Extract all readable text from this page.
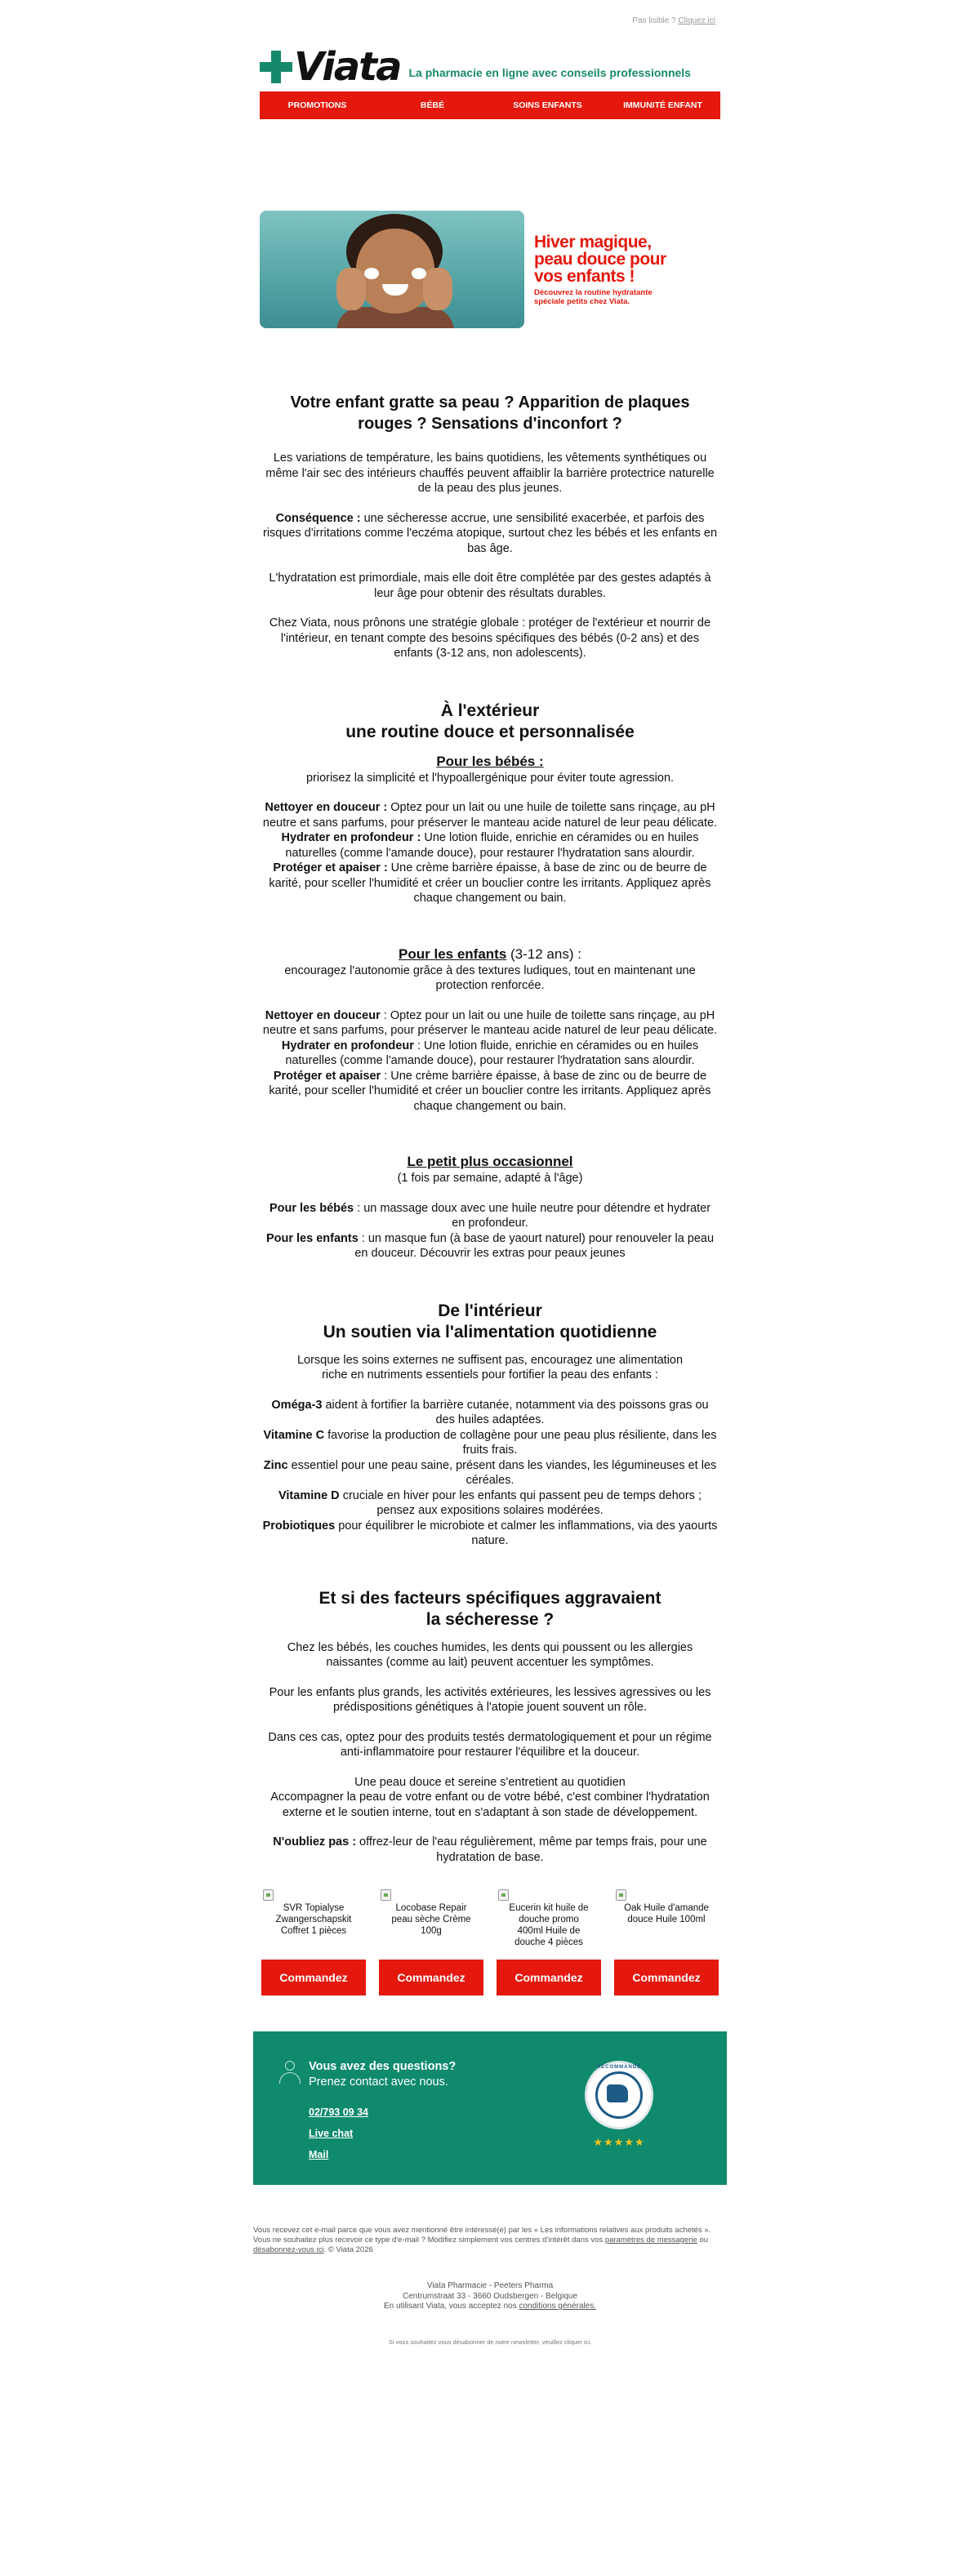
Pas lisible ? Cliquez ici
Viata La pharmacie en ligne avec conseils professionnels
PROMOTIONS	BÉBÉ	SOINS ENFANTS	IMMUNITÉ ENFANT
Hiver magique,
peau douce pour
vos enfants !
Découvrez la routine hydratante
spéciale petits chez Viata.
Votre enfant gratte sa peau ? Apparition de plaques rouges ? Sensations d'inconfort ?
Les variations de température, les bains quotidiens, les vêtements synthétiques ou même l'air sec des intérieurs chauffés peuvent affaiblir la barrière protectrice naturelle de la peau des plus jeunes.
Conséquence : une sécheresse accrue, une sensibilité exacerbée, et parfois des risques d'irritations comme l'eczéma atopique, surtout chez les bébés et les enfants en bas âge.
L'hydratation est primordiale, mais elle doit être complétée par des gestes adaptés à leur âge pour obtenir des résultats durables.
Chez Viata, nous prônons une stratégie globale : protéger de l'extérieur et nourrir de l'intérieur, en tenant compte des besoins spécifiques des bébés (0-2 ans) et des enfants (3-12 ans, non adolescents).
À l'extérieur
une routine douce et personnalisée
Pour les bébés :
priorisez la simplicité et l'hypoallergénique pour éviter toute agression.
Nettoyer en douceur : Optez pour un lait ou une huile de toilette sans rinçage, au pH neutre et sans parfums, pour préserver le manteau acide naturel de leur peau délicate.
Hydrater en profondeur : Une lotion fluide, enrichie en céramides ou en huiles naturelles (comme l'amande douce), pour restaurer l'hydratation sans alourdir.
Protéger et apaiser : Une crème barrière épaisse, à base de zinc ou de beurre de karité, pour sceller l'humidité et créer un bouclier contre les irritants. Appliquez après chaque changement ou bain.
Pour les enfants (3-12 ans) :
encouragez l'autonomie grâce à des textures ludiques, tout en maintenant une protection renforcée.
Nettoyer en douceur : Optez pour un lait ou une huile de toilette sans rinçage, au pH neutre et sans parfums, pour préserver le manteau acide naturel de leur peau délicate.
Hydrater en profondeur : Une lotion fluide, enrichie en céramides ou en huiles naturelles (comme l'amande douce), pour restaurer l'hydratation sans alourdir.
Protéger et apaiser : Une crème barrière épaisse, à base de zinc ou de beurre de karité, pour sceller l'humidité et créer un bouclier contre les irritants. Appliquez après chaque changement ou bain.
Le petit plus occasionnel
(1 fois par semaine, adapté à l'âge)
Pour les bébés : un massage doux avec une huile neutre pour détendre et hydrater en profondeur.
Pour les enfants : un masque fun (à base de yaourt naturel) pour renouveler la peau en douceur. Découvrir les extras pour peaux jeunes
De l'intérieur
Un soutien via l'alimentation quotidienne
Lorsque les soins externes ne suffisent pas, encouragez une alimentation riche en nutriments essentiels pour fortifier la peau des enfants :
Oméga-3 aident à fortifier la barrière cutanée, notamment via des poissons gras ou des huiles adaptées.
Vitamine C favorise la production de collagène pour une peau plus résiliente, dans les fruits frais.
Zinc essentiel pour une peau saine, présent dans les viandes, les légumineuses et les céréales.
Vitamine D cruciale en hiver pour les enfants qui passent peu de temps dehors ; pensez aux expositions solaires modérées.
Probiotiques pour équilibrer le microbiote et calmer les inflammations, via des yaourts nature.
Et si des facteurs spécifiques aggravaient
la sécheresse ?
Chez les bébés, les couches humides, les dents qui poussent ou les allergies naissantes (comme au lait) peuvent accentuer les symptômes.
Pour les enfants plus grands, les activités extérieures, les lessives agressives ou les prédispositions génétiques à l'atopie jouent souvent un rôle.
Dans ces cas, optez pour des produits testés dermatologiquement et pour un régime anti-inflammatoire pour restaurer l'équilibre et la douceur.
Une peau douce et sereine s'entretient au quotidien
Accompagner la peau de votre enfant ou de votre bébé, c'est combiner l'hydratation externe et le soutien interne, tout en s'adaptant à son stade de développement.
N'oubliez pas : offrez-leur de l'eau régulièrement, même par temps frais, pour une hydratation de base.
SVR Topialyse Zwangerschapskit Coffret 1 pièces
Commandez
Locobase Repair peau sèche Crème 100g
Commandez
Eucerin kit huile de douche promo 400ml Huile de douche 4 pièces
Commandez
Oak Huile d'amande douce Huile 100ml
Commandez
Vous avez des questions?
Prenez contact avec nous.
02/793 09 34
Live chat
Mail
RECOMMANDÉ
★★★★★
Vous recevez cet e-mail parce que vous avez mentionné être intéressé(e) par les « Les informations relatives aux produits achetés ». Vous ne souhaitez plus recevoir ce type d'e-mail ? Modifiez simplement vos centres d'intérêt dans vos paramètres de messagerie ou désabonnez-vous ici. © Viata 2026
Viata Pharmacie - Peeters Pharma
Centrumstraat 33 - 3660 Oudsbergen - Belgique
En utilisant Viata, vous acceptez nos conditions générales.
Si vous souhaitez vous désabonner de notre newsletter, veuillez cliquer ici.
